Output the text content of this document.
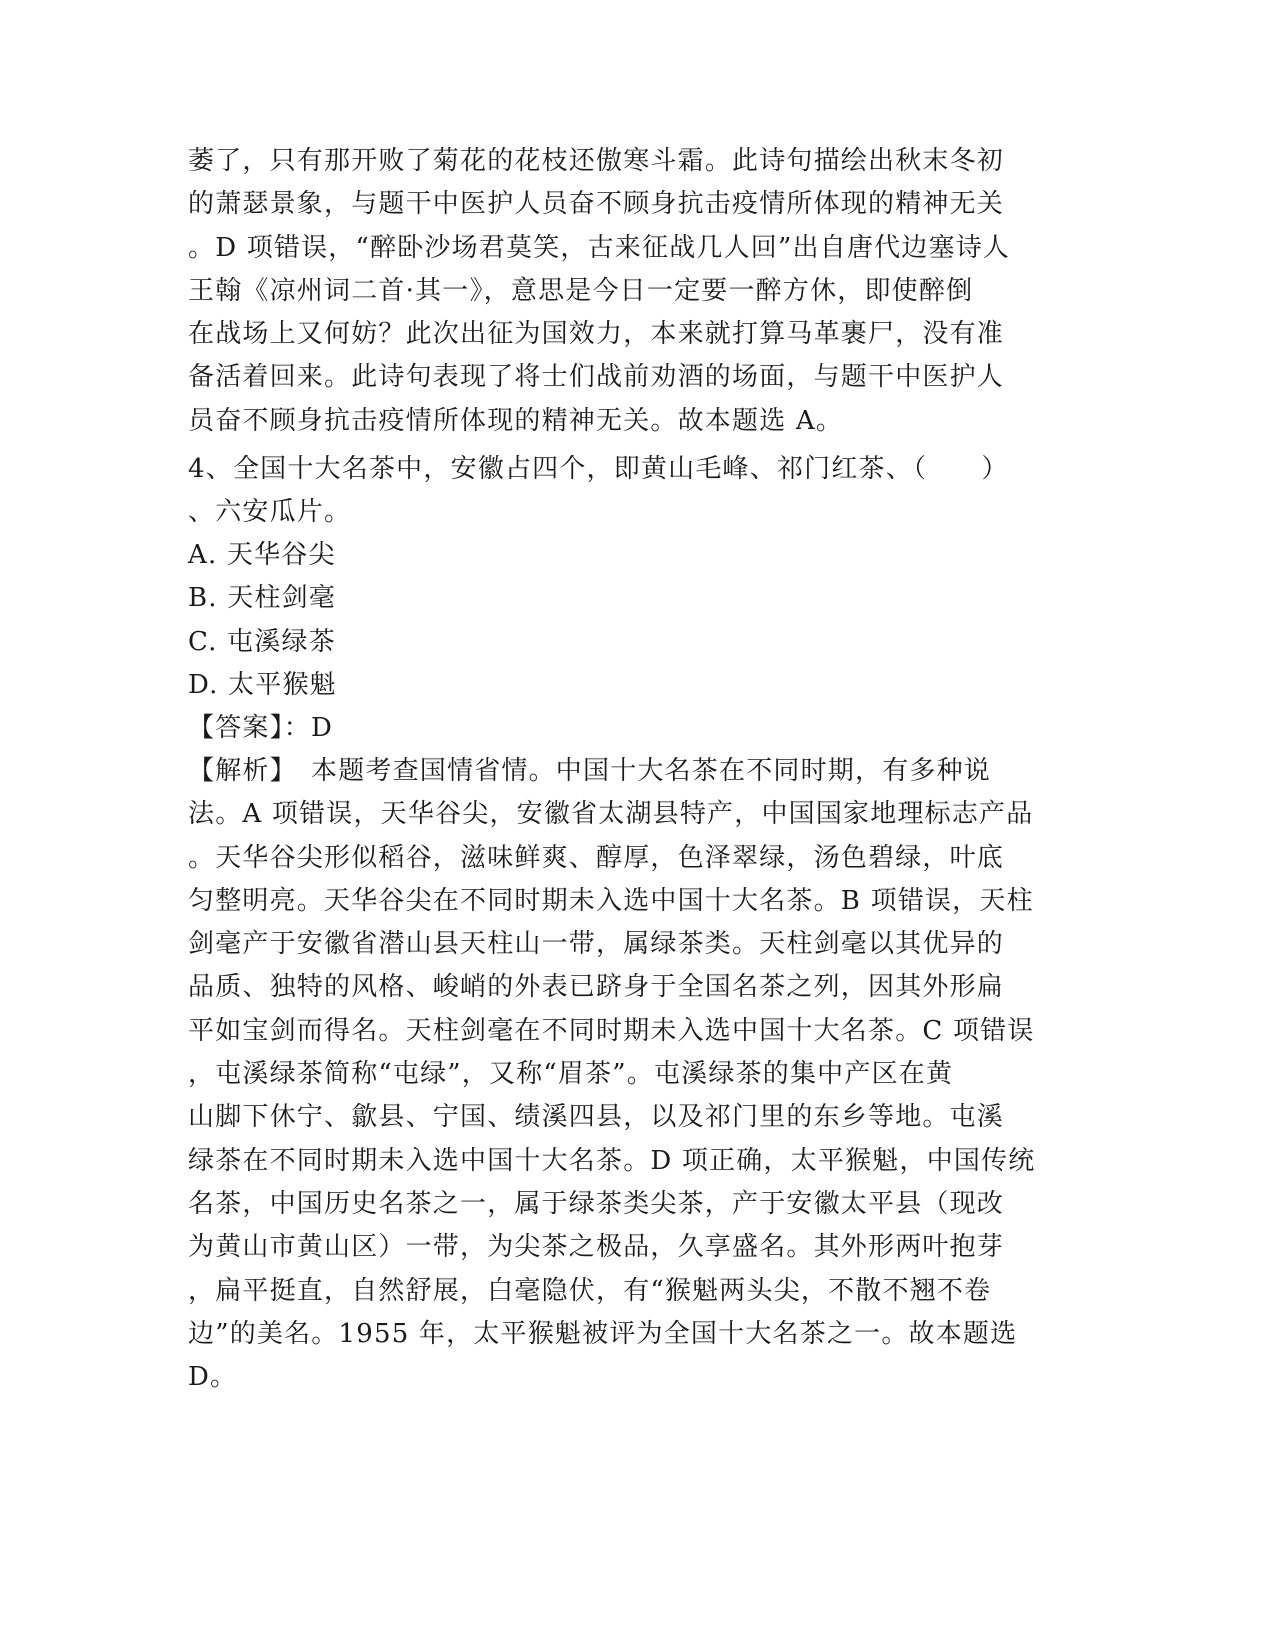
萎了，只有那开败了菊花的花枝还傲寒斗霜。此诗句描绘出秋末冬初
的萧瑟景象，与题干中医护人员奋不顾身抗击疫情所体现的精神无关
。D 项错误，“醉卧沙场君莫笑，古来征战几人回”出自唐代边塞诗人
王翰《凉州词二首·其一》，意思是今日一定要一醉方休，即使醉倒
在战场上又何妨？此次出征为国效力，本来就打算马革裹尸，没有准
备活着回来。此诗句表现了将士们战前劝酒的场面，与题干中医护人
员奋不顾身抗击疫情所体现的精神无关。故本题选 A。
4、全国十大名茶中，安徽占四个，即黄山毛峰、祁门红茶、（　　）
、六安瓜片。
A. 天华谷尖
B. 天柱剑毫
C. 屯溪绿茶
D. 太平猴魁
【答案】：D
【解析】　本题考查国情省情。中国十大名茶在不同时期，有多种说
法。A 项错误，天华谷尖，安徽省太湖县特产，中国国家地理标志产品
。天华谷尖形似稻谷，滋味鲜爽、醇厚，色泽翠绿，汤色碧绿，叶底
匀整明亮。天华谷尖在不同时期未入选中国十大名茶。B 项错误，天柱
剑毫产于安徽省潜山县天柱山一带，属绿茶类。天柱剑毫以其优异的
品质、独特的风格、峻峭的外表已跻身于全国名茶之列，因其外形扁
平如宝剑而得名。天柱剑毫在不同时期未入选中国十大名茶。C 项错误
，屯溪绿茶简称“屯绿”，又称“眉茶”。屯溪绿茶的集中产区在黄
山脚下休宁、歙县、宁国、绩溪四县，以及祁门里的东乡等地。屯溪
绿茶在不同时期未入选中国十大名茶。D 项正确，太平猴魁，中国传统
名茶，中国历史名茶之一，属于绿茶类尖茶，产于安徽太平县（现改
为黄山市黄山区）一带，为尖茶之极品，久享盛名。其外形两叶抱芽
，扁平挺直，自然舒展，白毫隐伏，有“猴魁两头尖，不散不翘不卷
边”的美名。1955 年，太平猴魁被评为全国十大名茶之一。故本题选
D。
